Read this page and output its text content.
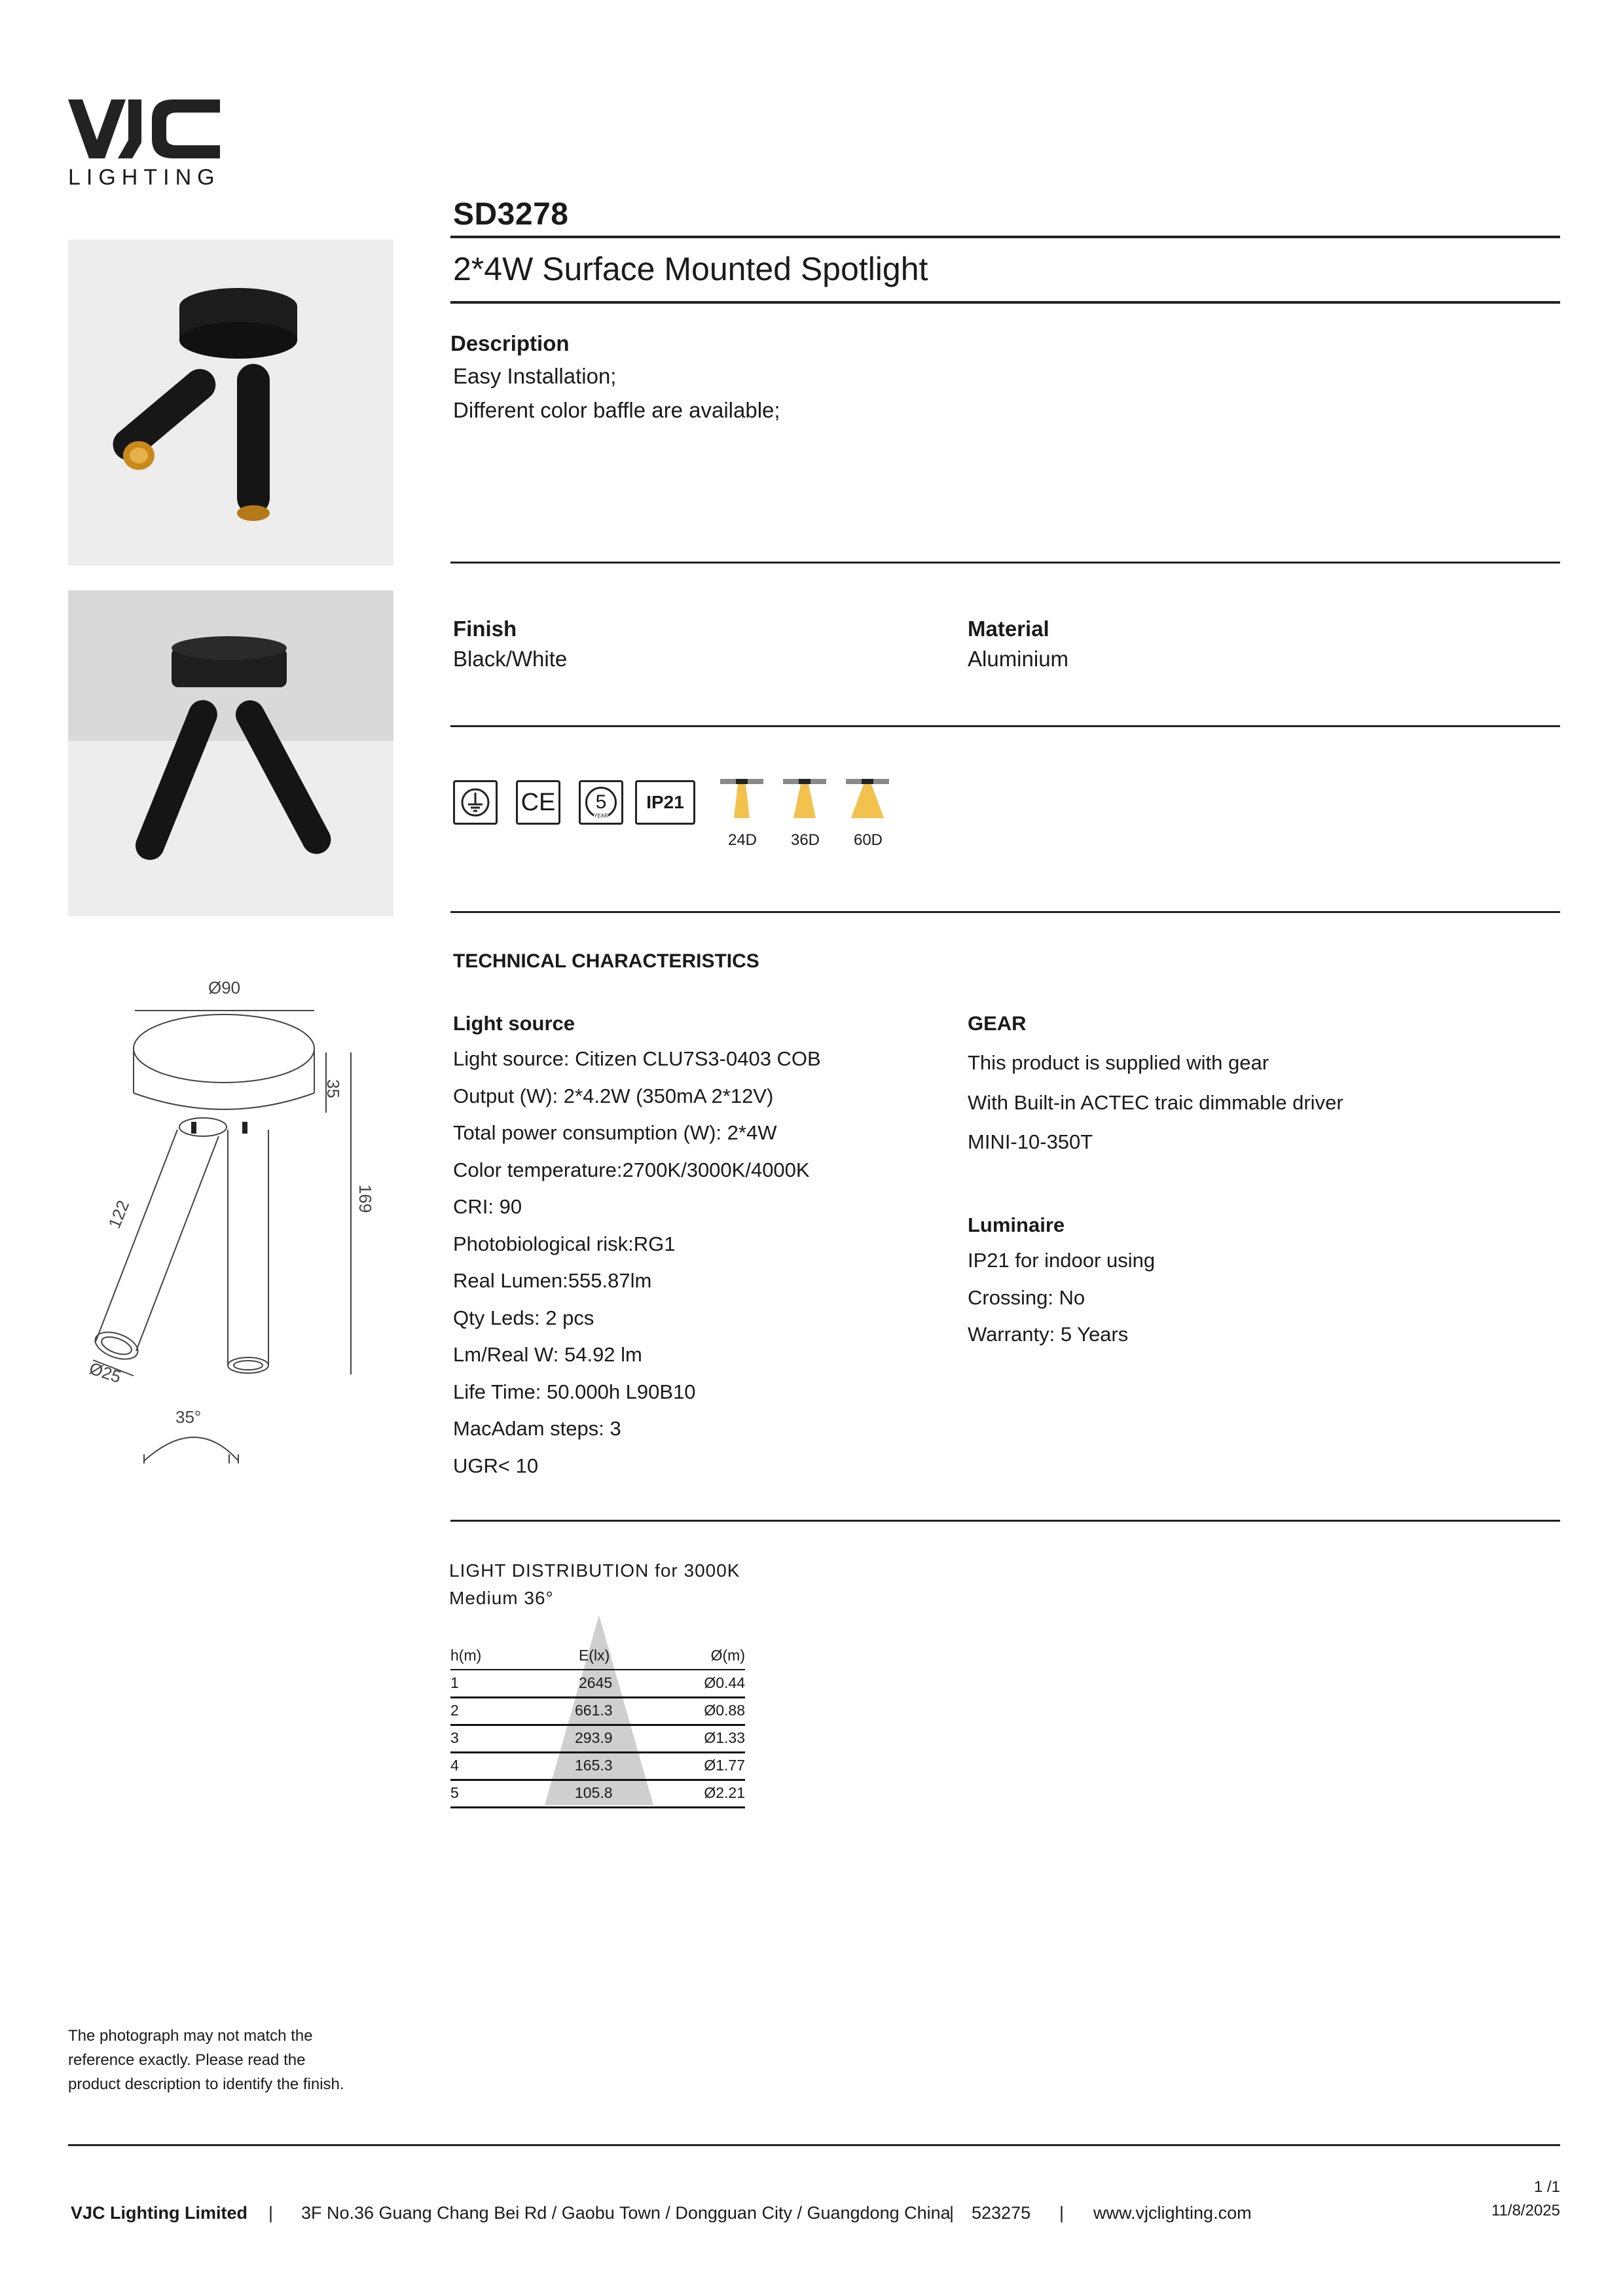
LIGHTING
SD3278
2*4W Surface Mounted Spotlight
Description
Easy Installation;
Different color baffle are available;
Finish
Black/White
Material
Aluminium
CE	5
YEAR
IP21
24D	36D	60D
Ø90
35
169
122
Ø25
35°
TECHNICAL CHARACTERISTICS
Light source
Light source: Citizen CLU7S3-0403 COB
Output (W): 2*4.2W (350mA 2*12V)
Total power consumption (W): 2*4W
Color temperature:2700K/3000K/4000K
CRI: 90
Photobiological risk:RG1
Real Lumen:555.87lm
Qty Leds: 2 pcs
Lm/Real W: 54.92 lm
Life Time: 50.000h L90B10
MacAdam steps: 3
UGR< 10
GEAR
This product is supplied with gear
With Built-in ACTEC traic dimmable driver
MINI-10-350T
Luminaire
IP21 for indoor using
Crossing: No
Warranty: 5 Years
LIGHT DISTRIBUTION for 3000K
Medium 36°
h(m)	E(lx)	Ø(m)
1	2645	Ø0.44
2	661.3	Ø0.88
3	293.9	Ø1.33
4	165.3	Ø1.77
5	105.8	Ø2.21
The photograph may not match the
reference exactly. Please read the
product description to identify the finish.
VJC Lighting Limited | 3F No.36 Guang Chang Bei Rd / Gaobu Town / Dongguan City / Guangdong China
| 523275 | www.vjclighting.com
1 /1
11/8/2025
